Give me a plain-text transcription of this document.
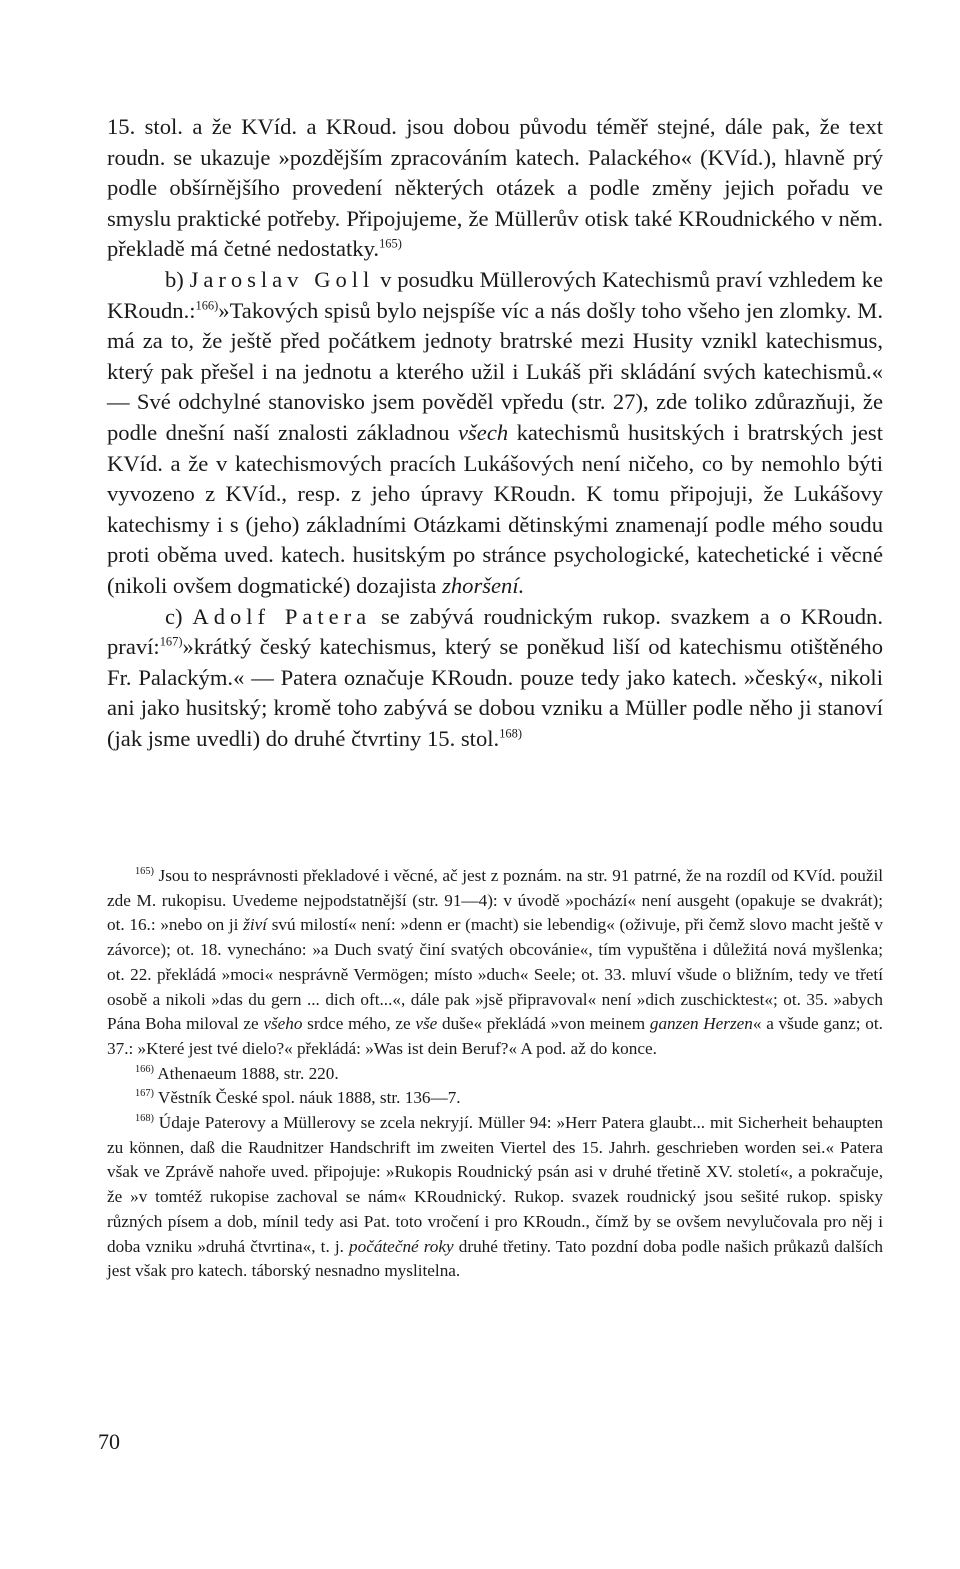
15. stol. a že KVíd. a KRoud. jsou dobou původu téměř stejné, dále pak, že text roudn. se ukazuje »pozdějším zpracováním katech. Palackého« (KVíd.), hlavně prý podle obšírnějšího provedení některých otázek a podle změny jejich pořadu ve smyslu praktické potřeby. Připojujeme, že Müllerův otisk také KRoudnického v něm. překladě má četné nedostatky.$^{165)}$

b) Jaroslav Goll v posudku Müllerových Katechismů praví vzhledem ke KRoudn.:$^{166)}$»Takových spisů bylo nejspíše víc a nás došly toho všeho jen zlomky. M. má za to, že ještě před počátkem jednoty bratrské mezi Husity vznikl katechismus, který pak přešel i na jednotu a kterého užil i Lukáš při skládání svých katechismů.« — Své odchylné stanovisko jsem pověděl vpředu (str. 27), zde toliko zdůrazňuji, že podle dnešní naší znalosti základnou všech katechismů husitských i bratrských jest KVíd. a že v katechismových pracích Lukášových není ničeho, co by nemohlo býti vyvozeno z KVíd., resp. z jeho úpravy KRoudn. K tomu připojuji, že Lukášovy katechismy i s (jeho) základními Otázkami dětinskými znamenají podle mého soudu proti oběma uved. katech. husitským po stránce psychologické, katechetické i věcné (nikoli ovšem dogmatické) dozajista zhoršení.

c) Adolf Patera se zabývá roudnickým rukop. svazkem a o KRoudn. praví:$^{167)}$»krátký český katechismus, který se poněkud liší od katechismu otištěného Fr. Palackým.« — Patera označuje KRoudn. pouze tedy jako katech. »český«, nikoli ani jako husitský; kromě toho zabývá se dobou vzniku a Müller podle něho ji stanoví (jak jsme uvedli) do druhé čtvrtiny 15. stol.$^{168)}$

$^{165)}$ Jsou to nesprávnosti překladové i věcné, ač jest z poznám. na str. 91 patrné, že na rozdíl od KVíd. použil zde M. rukopisu. Uvedeme nejpodstatnější (str. 91—4): v úvodě »pochází« není ausgeht (opakuje se dvakrát); ot. 16.: »nebo on ji živí svú milostí« není: »denn er (macht) sie lebendig« (oživuje, při čemž slovo macht ještě v závorce); ot. 18. vynecháno: »a Duch svatý činí svatých obcovánie«, tím vypuštěna i důležitá nová myšlenka; ot. 22. překládá »moci« nesprávně Vermögen; místo »duch« Seele; ot. 33. mluví všude o bližním, tedy ve třetí osobě a nikoli »das du gern ... dich oft...«, dále pak »jsě připravoval« není »dich zuschicktest«; ot. 35. »abych Pána Boha miloval ze všeho srdce mého, ze vše duše« překládá »von meinem ganzen Herzen« a všude ganz; ot. 37.: »Které jest tvé dielo?« překládá: »Was ist dein Beruf?« A pod. až do konce.

$^{166)}$ Athenaeum 1888, str. 220.

$^{167)}$ Věstník České spol. náuk 1888, str. 136—7.

$^{168)}$ Údaje Paterovy a Müllerovy se zcela nekryjí. Müller 94: »Herr Patera glaubt... mit Sicherheit behaupten zu können, daß die Raudnitzer Handschrift im zweiten Viertel des 15. Jahrh. geschrieben worden sei.« Patera však ve Zprávě nahoře uved. připojuje: »Rukopis Roudnický psán asi v druhé třetině XV. století«, a pokračuje, že »v tomtéž rukopise zachoval se nám« KRoudnický. Rukop. svazek roudnický jsou sešité rukop. spisky různých písem a dob, mínil tedy asi Pat. toto vročení i pro KRoudn., čímž by se ovšem nevylučovala pro něj i doba vzniku »druhá čtvrtina«, t. j. počátečné roky druhé třetiny. Tato pozdní doba podle našich průkazů dalších jest však pro katech. táborský nesnadno myslitelna.

70
